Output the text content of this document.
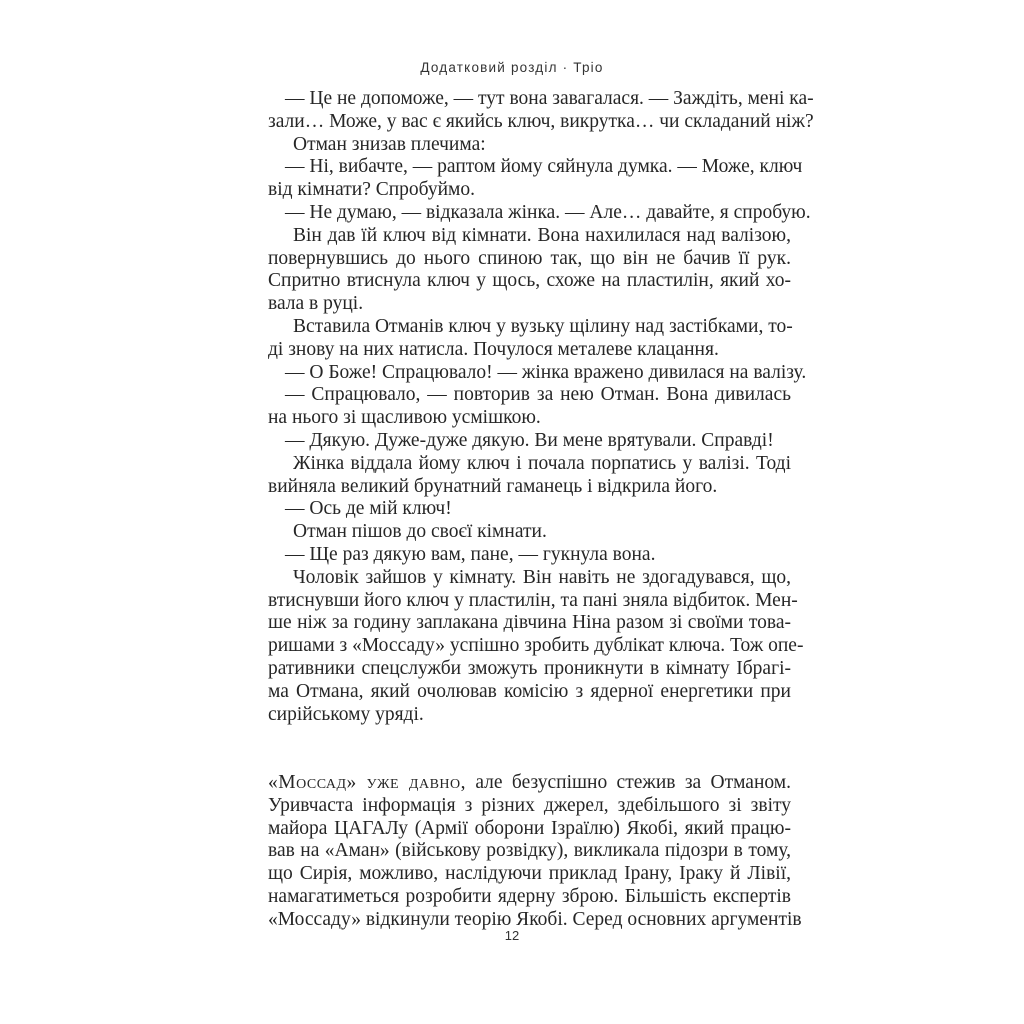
Додатковий розділ · Тріо
— Це не допоможе, — тут вона завагалася. — Заждіть, мені ка-
зали… Може, у вас є якийсь ключ, викрутка… чи складаний ніж?
Отман знизав плечима:
— Ні, вибачте, — раптом йому сяйнула думка. — Може, ключ
від кімнати? Спробуймо.
— Не думаю, — відказала жінка. — Але… давайте, я спробую.
Він дав їй ключ від кімнати. Вона нахилилася над валізою,
повернувшись до нього спиною так, що він не бачив її рук.
Спритно втиснула ключ у щось, схоже на пластилін, який хо-
вала в руці.
Вставила Отманів ключ у вузьку щілину над застібками, то-
ді знову на них натисла. Почулося металеве клацання.
— О Боже! Спрацювало! — жінка вражено дивилася на валізу.
— Спрацювало, — повторив за нею Отман. Вона дивилась
на нього зі щасливою усмішкою.
— Дякую. Дуже-дуже дякую. Ви мене врятували. Справді!
Жінка віддала йому ключ і почала порпатись у валізі. Тоді
вийняла великий брунатний гаманець і відкрила його.
— Ось де мій ключ!
Отман пішов до своєї кімнати.
— Ще раз дякую вам, пане, — гукнула вона.
Чоловік зайшов у кімнату. Він навіть не здогадувався, що,
втиснувши його ключ у пластилін, та пані зняла відбиток. Мен-
ше ніж за годину заплакана дівчина Ніна разом зі своїми това-
ришами з «Моссаду» успішно зробить дублікат ключа. Тож опе-
ративники спецслужби зможуть проникнути в кімнату Ібрагі-
ма Отмана, який очолював комісію з ядерної енергетики при
сирійському уряді.
«Моссад» уже давно, але безуспішно стежив за Отманом.
Уривчаста інформація з різних джерел, здебільшого зі звіту
майора ЦАГАЛу (Армії оборони Ізраїлю) Якобі, який працю-
вав на «Аман» (військову розвідку), викликала підозри в тому,
що Сирія, можливо, наслідуючи приклад Ірану, Іраку й Лівії,
намагатиметься розробити ядерну зброю. Більшість експертів
«Моссаду» відкинули теорію Якобі. Серед основних аргументів
12
